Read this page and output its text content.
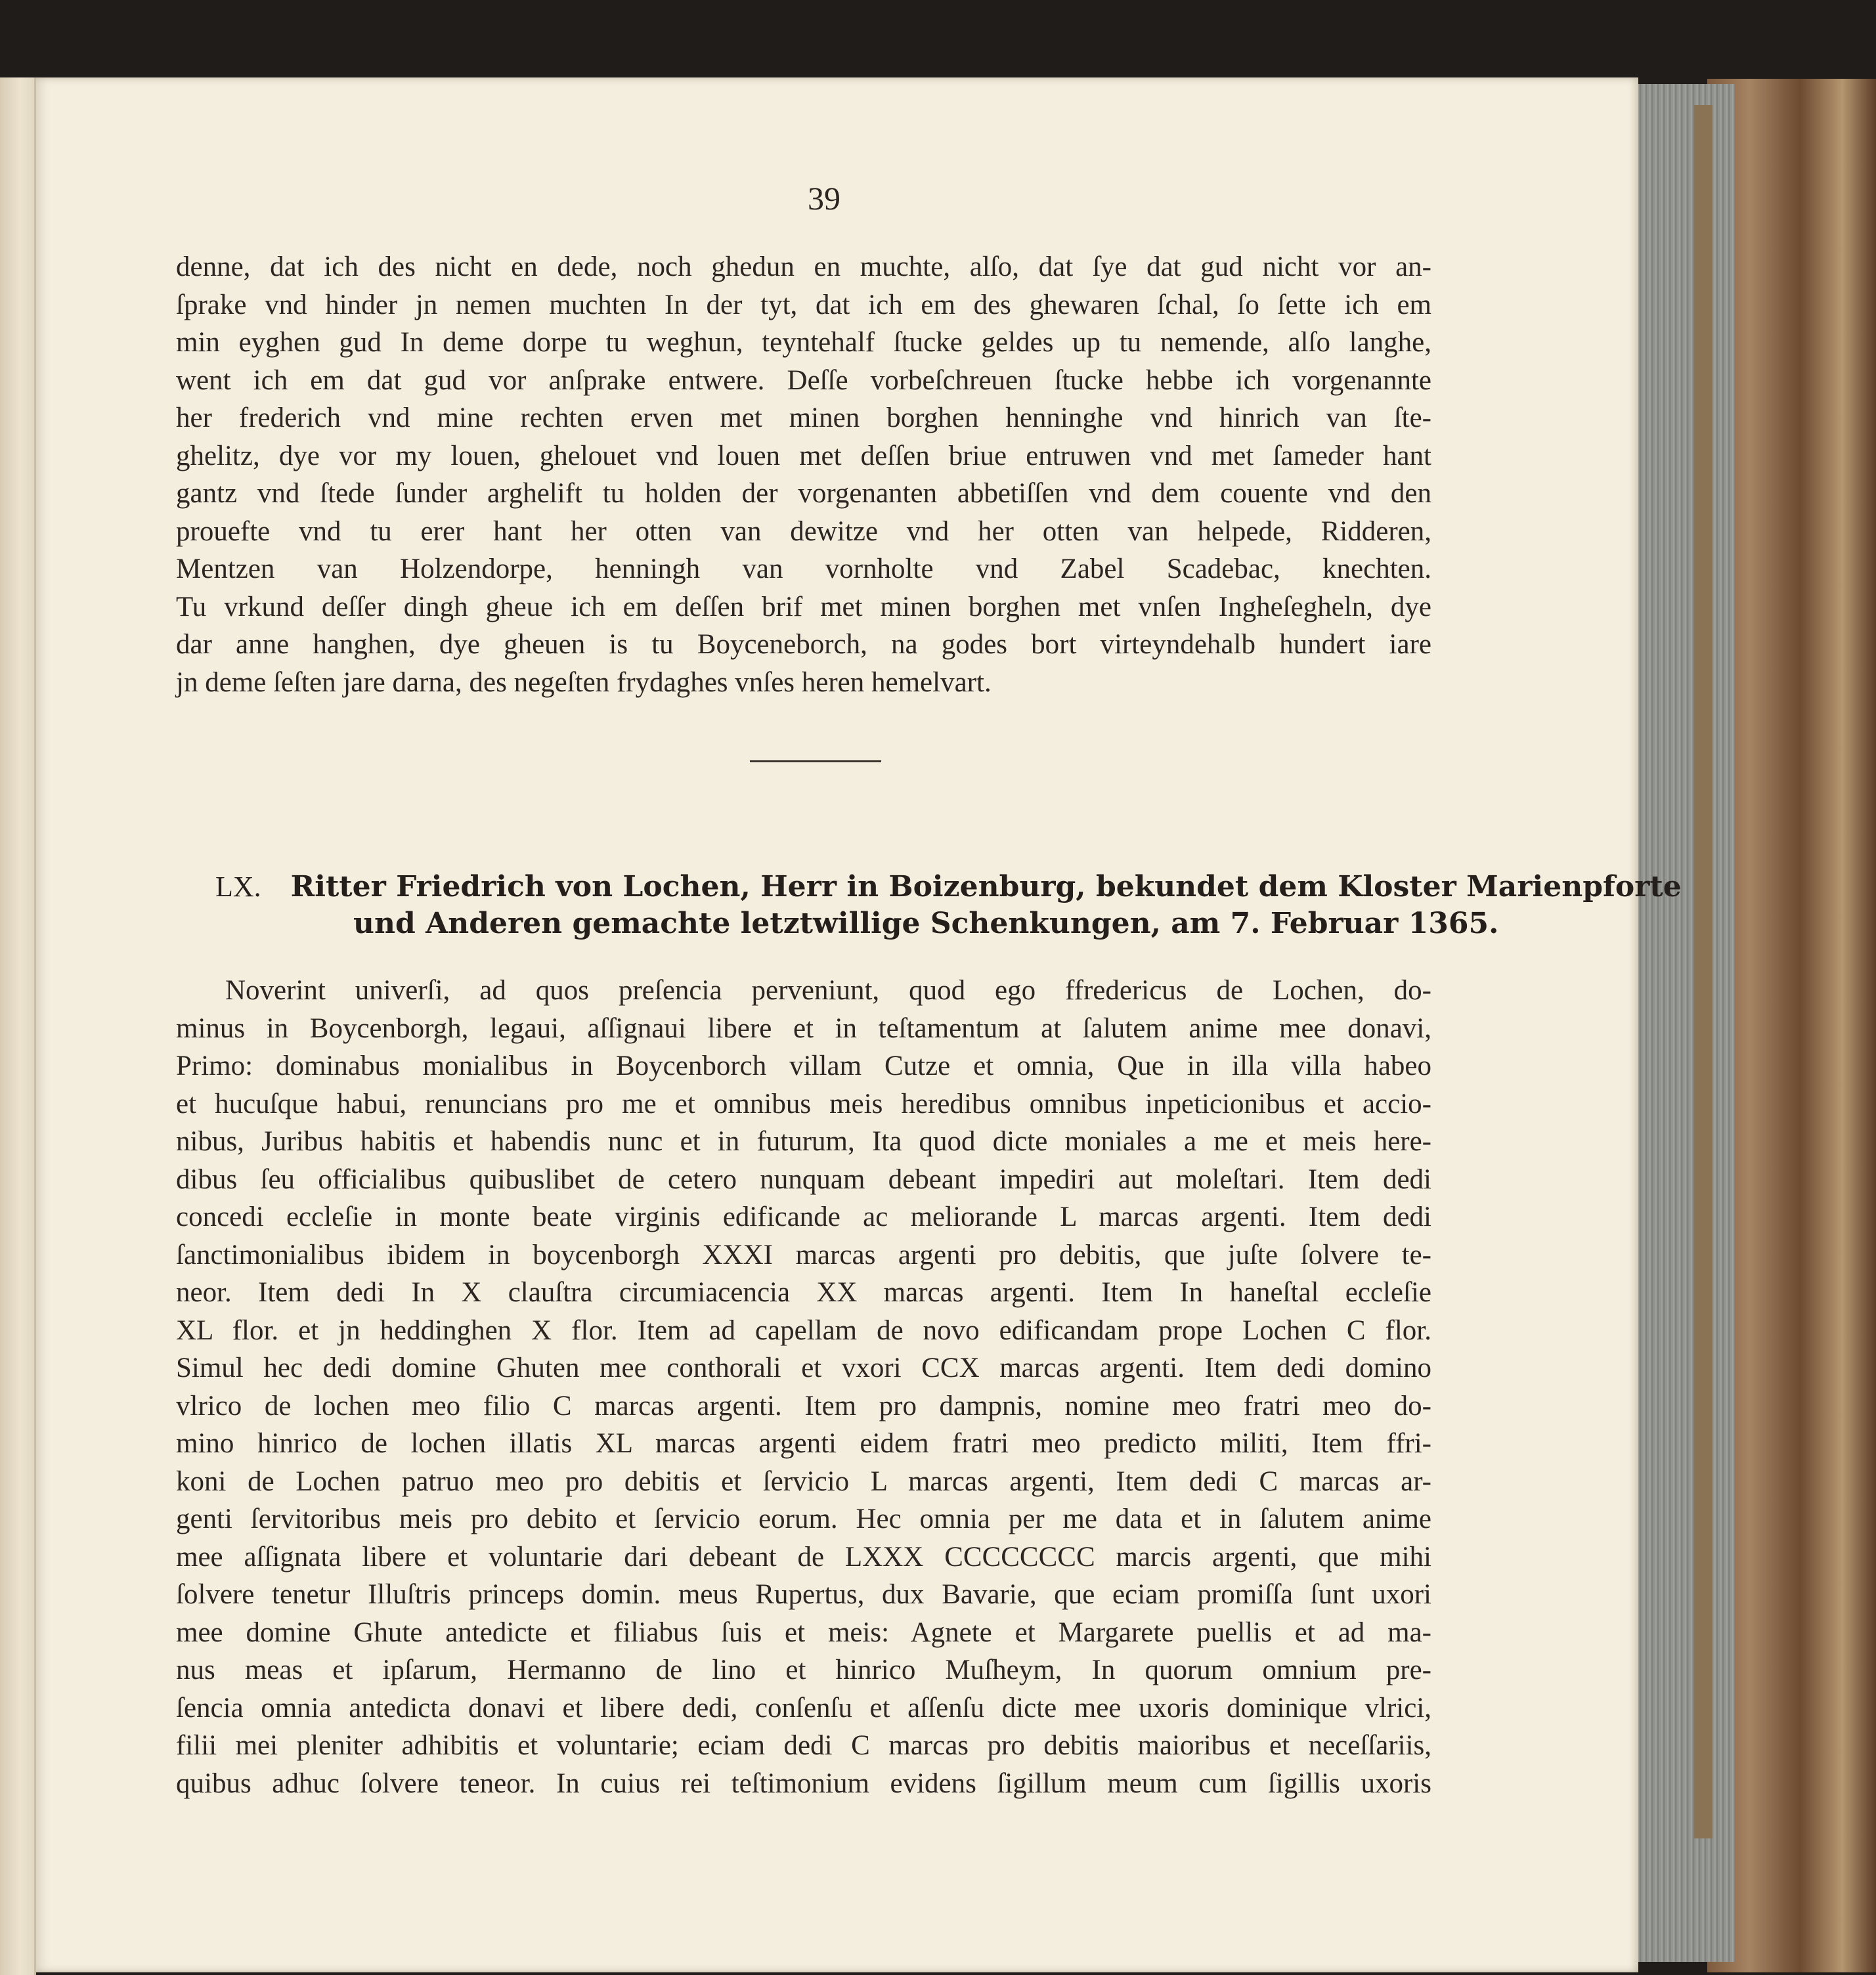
39
denne, dat ich des nicht en dede, noch ghedun en muchte, alſo, dat ſye dat gud nicht vor an-
ſprake vnd hinder jn nemen muchten In der tyt, dat ich em des ghewaren ſchal, ſo ſette ich em
min eyghen gud In deme dorpe tu weghun, teyntehalf ſtucke geldes up tu nemende, alſo langhe,
went ich em dat gud vor anſprake entwere. Deſſe vorbeſchreuen ſtucke hebbe ich vorgenannte
her frederich vnd mine rechten erven met minen borghen henninghe vnd hinrich van ſte-
ghelitz, dye vor my louen, ghelouet vnd louen met deſſen briue entruwen vnd met ſameder hant
gantz vnd ſtede ſunder arghelift tu holden der vorgenanten abbetiſſen vnd dem couente vnd den
prouefte vnd tu erer hant her otten van dewitze vnd her otten van helpede, Ridderen,
Mentzen van Holzendorpe, henningh van vornholte vnd Zabel Scadebac, knechten.
Tu vrkund deſſer dingh gheue ich em deſſen brif met minen borghen met vnſen Ingheſegheln, dye
dar anne hanghen, dye gheuen is tu Boyceneborch, na godes bort virteyndehalb hundert iare
jn deme ſeſten jare darna, des negeſten frydaghes vnſes heren hemelvart.
LX. Ritter Friedrich von Lochen, Herr in Boizenburg, bekundet dem Kloster Marienpforte
und Anderen gemachte letztwillige Schenkungen, am 7. Februar 1365.
Noverint univerſi, ad quos preſencia perveniunt, quod ego ffredericus de Lochen, do-
minus in Boycenborgh, legaui, aſſignaui libere et in teſtamentum at ſalutem anime mee donavi,
Primo: dominabus monialibus in Boycenborch villam Cutze et omnia, Que in illa villa habeo
et hucuſque habui, renuncians pro me et omnibus meis heredibus omnibus inpeticionibus et accio-
nibus, Juribus habitis et habendis nunc et in futurum, Ita quod dicte moniales a me et meis here-
dibus ſeu officialibus quibuslibet de cetero nunquam debeant impediri aut moleſtari. Item dedi
concedi eccleſie in monte beate virginis edificande ac meliorande L marcas argenti. Item dedi
ſanctimonialibus ibidem in boycenborgh XXXI marcas argenti pro debitis, que juſte ſolvere te-
neor. Item dedi In X clauſtra circumiacencia XX marcas argenti. Item In haneſtal eccleſie
XL flor. et jn heddinghen X flor. Item ad capellam de novo edificandam prope Lochen C flor.
Simul hec dedi domine Ghuten mee conthorali et vxori CCX marcas argenti. Item dedi domino
vlrico de lochen meo filio C marcas argenti. Item pro dampnis, nomine meo fratri meo do-
mino hinrico de lochen illatis XL marcas argenti eidem fratri meo predicto militi, Item ffri-
koni de Lochen patruo meo pro debitis et ſervicio L marcas argenti, Item dedi C marcas ar-
genti ſervitoribus meis pro debito et ſervicio eorum. Hec omnia per me data et in ſalutem anime
mee aſſignata libere et voluntarie dari debeant de LXXX CCCCCCCC marcis argenti, que mihi
ſolvere tenetur Illuſtris princeps domin. meus Rupertus, dux Bavarie, que eciam promiſſa ſunt uxori
mee domine Ghute antedicte et filiabus ſuis et meis: Agnete et Margarete puellis et ad ma-
nus meas et ipſarum, Hermanno de lino et hinrico Muſheym, In quorum omnium pre-
ſencia omnia antedicta donavi et libere dedi, conſenſu et aſſenſu dicte mee uxoris dominique vlrici,
filii mei pleniter adhibitis et voluntarie; eciam dedi C marcas pro debitis maioribus et neceſſariis,
quibus adhuc ſolvere teneor. In cuius rei teſtimonium evidens ſigillum meum cum ſigillis uxoris
